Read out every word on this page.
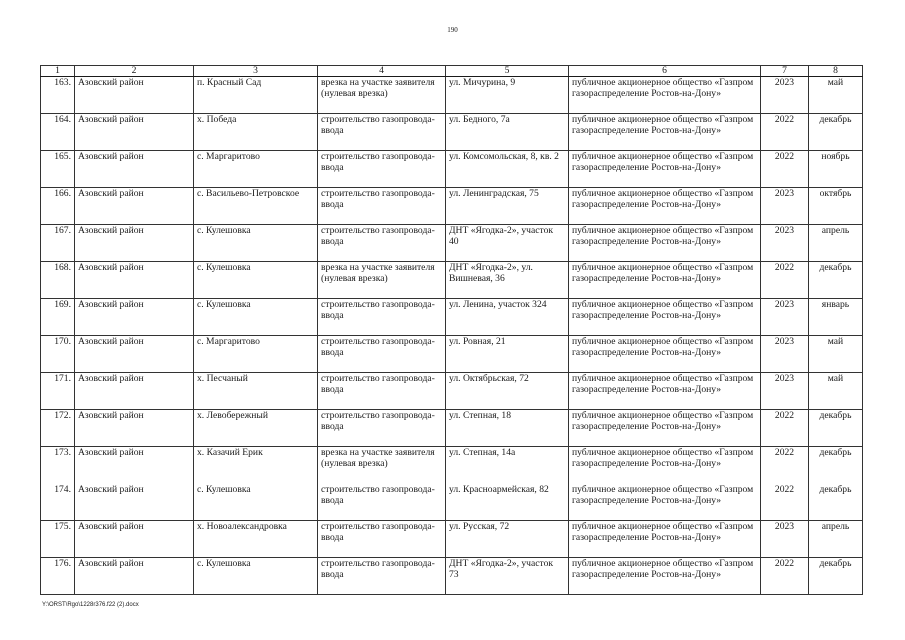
190
1	2	3	4	5	6	7	8
163.	Азовский район	п. Красный Сад	врезка на участке заявителя (нулевая врезка)	ул. Мичурина, 9	публичное акционерное общество «Газпром газораспределение Ростов-на-Дону»	2023	май
164.	Азовский район	х. Победа	строительство газопровода-ввода	ул. Бедного, 7а	публичное акционерное общество «Газпром газораспределение Ростов-на-Дону»	2022	декабрь
165.	Азовский район	с. Маргаритово	строительство газопровода-ввода	ул. Комсомольская, 8, кв. 2	публичное акционерное общество «Газпром газораспределение Ростов-на-Дону»	2022	ноябрь
166.	Азовский район	с. Васильево-Петровское	строительство газопровода-ввода	ул. Ленинградская, 75	публичное акционерное общество «Газпром газораспределение Ростов-на-Дону»	2023	октябрь
167.	Азовский район	с. Кулешовка	строительство газопровода-ввода	ДНТ «Ягодка-2», участок 40	публичное акционерное общество «Газпром газораспределение Ростов-на-Дону»	2023	апрель
168.	Азовский район	с. Кулешовка	врезка на участке заявителя (нулевая врезка)	ДНТ «Ягодка-2», ул. Вишневая, 36	публичное акционерное общество «Газпром газораспределение Ростов-на-Дону»	2022	декабрь
169.	Азовский район	с. Кулешовка	строительство газопровода-ввода	ул. Ленина, участок 324	публичное акционерное общество «Газпром газораспределение Ростов-на-Дону»	2023	январь
170.	Азовский район	с. Маргаритово	строительство газопровода-ввода	ул. Ровная, 21	публичное акционерное общество «Газпром газораспределение Ростов-на-Дону»	2023	май
171.	Азовский район	х. Песчаный	строительство газопровода-ввода	ул. Октябрьская, 72	публичное акционерное общество «Газпром газораспределение Ростов-на-Дону»	2023	май
172.	Азовский район	х. Левобережный	строительство газопровода-ввода	ул. Степная, 18	публичное акционерное общество «Газпром газораспределение Ростов-на-Дону»	2022	декабрь
173.	Азовский район	х. Казачий Ерик	врезка на участке заявителя (нулевая врезка)	ул. Степная, 14а	публичное акционерное общество «Газпром газораспределение Ростов-на-Дону»	2022	декабрь
174.	Азовский район	с. Кулешовка	строительство газопровода-ввода	ул. Красноармейская, 82	публичное акционерное общество «Газпром газораспределение Ростов-на-Дону»	2022	декабрь
175.	Азовский район	х. Новоалександровка	строительство газопровода-ввода	ул. Русская, 72	публичное акционерное общество «Газпром газораспределение Ростов-на-Дону»	2023	апрель
176.	Азовский район	с. Кулешовка	строительство газопровода-ввода	ДНТ «Ягодка-2», участок 73	публичное акционерное общество «Газпром газораспределение Ростов-на-Дону»	2022	декабрь
Y:\ORST\Rgo\1228r376.f22 (2).docx
